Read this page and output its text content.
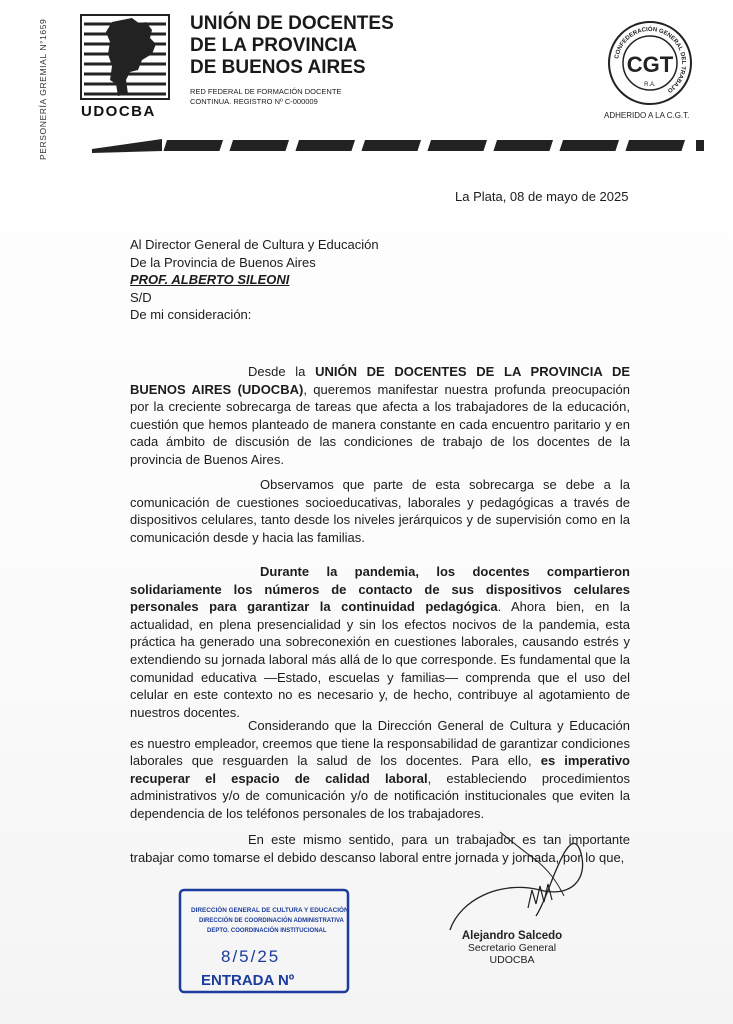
PERSONERÍA GREMIAL N°1659 UDOCBA
UNIÓN DE DOCENTES
DE LA PROVINCIA
DE BUENOS AIRES
RED FEDERAL DE FORMACIÓN DOCENTE
CONTINUA. REGISTRO Nº C-000009
CONFEDERACIÓN GENERAL DEL TRABAJO
CGT
R.A.
ADHERIDO A LA C.G.T.
La Plata, 08 de mayo de 2025
Al Director General de Cultura y Educación
De la Provincia de Buenos Aires
PROF. ALBERTO SILEONI
S/D
De mi consideración:
Desde la UNIÓN DE DOCENTES DE LA PROVINCIA DE BUENOS AIRES (UDOCBA), queremos manifestar nuestra profunda preocupación por la creciente sobrecarga de tareas que afecta a los trabajadores de la educación, cuestión que hemos planteado de manera constante en cada encuentro paritario y en cada ámbito de discusión de las condiciones de trabajo de los docentes de la provincia de Buenos Aires.
Observamos que parte de esta sobrecarga se debe a la comunicación de cuestiones socioeducativas, laborales y pedagógicas a través de dispositivos celulares, tanto desde los niveles jerárquicos y de supervisión como en la comunicación desde y hacia las familias.
Durante la pandemia, los docentes compartieron solidariamente los números de contacto de sus dispositivos celulares personales para garantizar la continuidad pedagógica. Ahora bien, en la actualidad, en plena presencialidad y sin los efectos nocivos de la pandemia, esta práctica ha generado una sobreconexión en cuestiones laborales, causando estrés y extendiendo su jornada laboral más allá de lo que corresponde. Es fundamental que la comunidad educativa —Estado, escuelas y familias— comprenda que el uso del celular en este contexto no es necesario y, de hecho, contribuye al agotamiento de nuestros docentes.
Considerando que la Dirección General de Cultura y Educación es nuestro empleador, creemos que tiene la responsabilidad de garantizar condiciones laborales que resguarden la salud de los docentes. Para ello, es imperativo recuperar el espacio de calidad laboral, estableciendo procedimientos administrativos y/o de comunicación y/o de notificación institucionales que eviten la dependencia de los teléfonos personales de los trabajadores.
En este mismo sentido, para un trabajador es tan importante trabajar como tomarse el debido descanso laboral entre jornada y jornada, por lo que,
DIRECCIÓN GENERAL DE CULTURA Y EDUCACIÓN
DIRECCIÓN DE COORDINACIÓN ADMINISTRATIVA
DEPTO. COORDINACIÓN INSTITUCIONAL
8/5/25
ENTRADA Nº
Alejandro Salcedo
Secretario General
UDOCBA
